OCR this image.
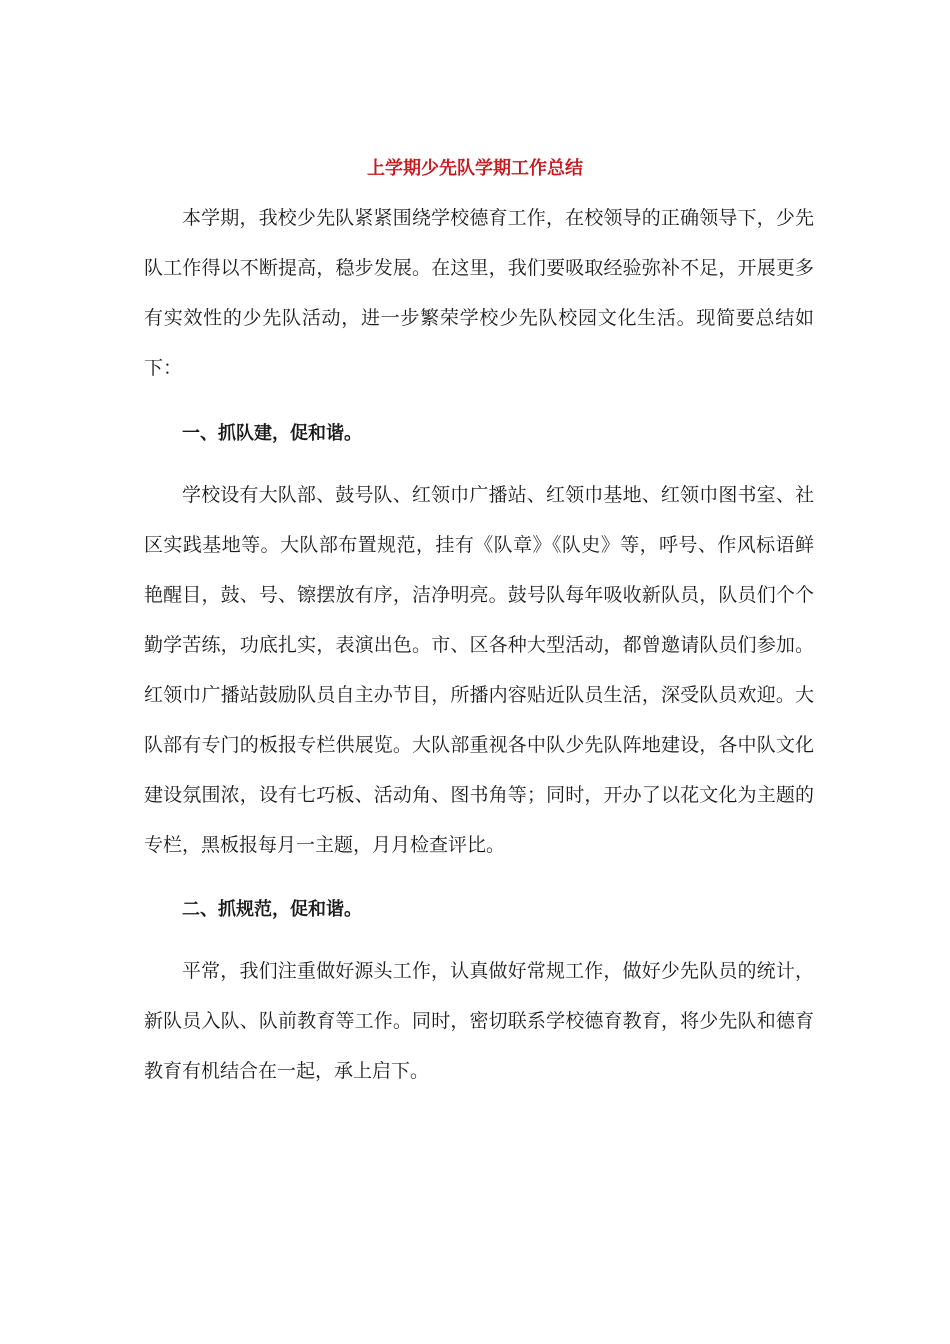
上学期少先队学期工作总结

本学期，我校少先队紧紧围绕学校德育工作，在校领导的正确领导下，少先队工作得以不断提高，稳步发展。在这里，我们要吸取经验弥补不足，开展更多有实效性的少先队活动，进一步繁荣学校少先队校园文化生活。现简要总结如下：

一、抓队建，促和谐。

学校设有大队部、鼓号队、红领巾广播站、红领巾基地、红领巾图书室、社区实践基地等。大队部布置规范，挂有《队章》《队史》等，呼号、作风标语鲜艳醒目，鼓、号、镲摆放有序，洁净明亮。鼓号队每年吸收新队员，队员们个个勤学苦练，功底扎实，表演出色。市、区各种大型活动，都曾邀请队员们参加。红领巾广播站鼓励队员自主办节目，所播内容贴近队员生活，深受队员欢迎。大队部有专门的板报专栏供展览。大队部重视各中队少先队阵地建设，各中队文化建设氛围浓，设有七巧板、活动角、图书角等；同时，开办了以花文化为主题的专栏，黑板报每月一主题，月月检查评比。

二、抓规范，促和谐。

平常，我们注重做好源头工作，认真做好常规工作，做好少先队员的统计，新队员入队、队前教育等工作。同时，密切联系学校德育教育，将少先队和德育教育有机结合在一起，承上启下。
